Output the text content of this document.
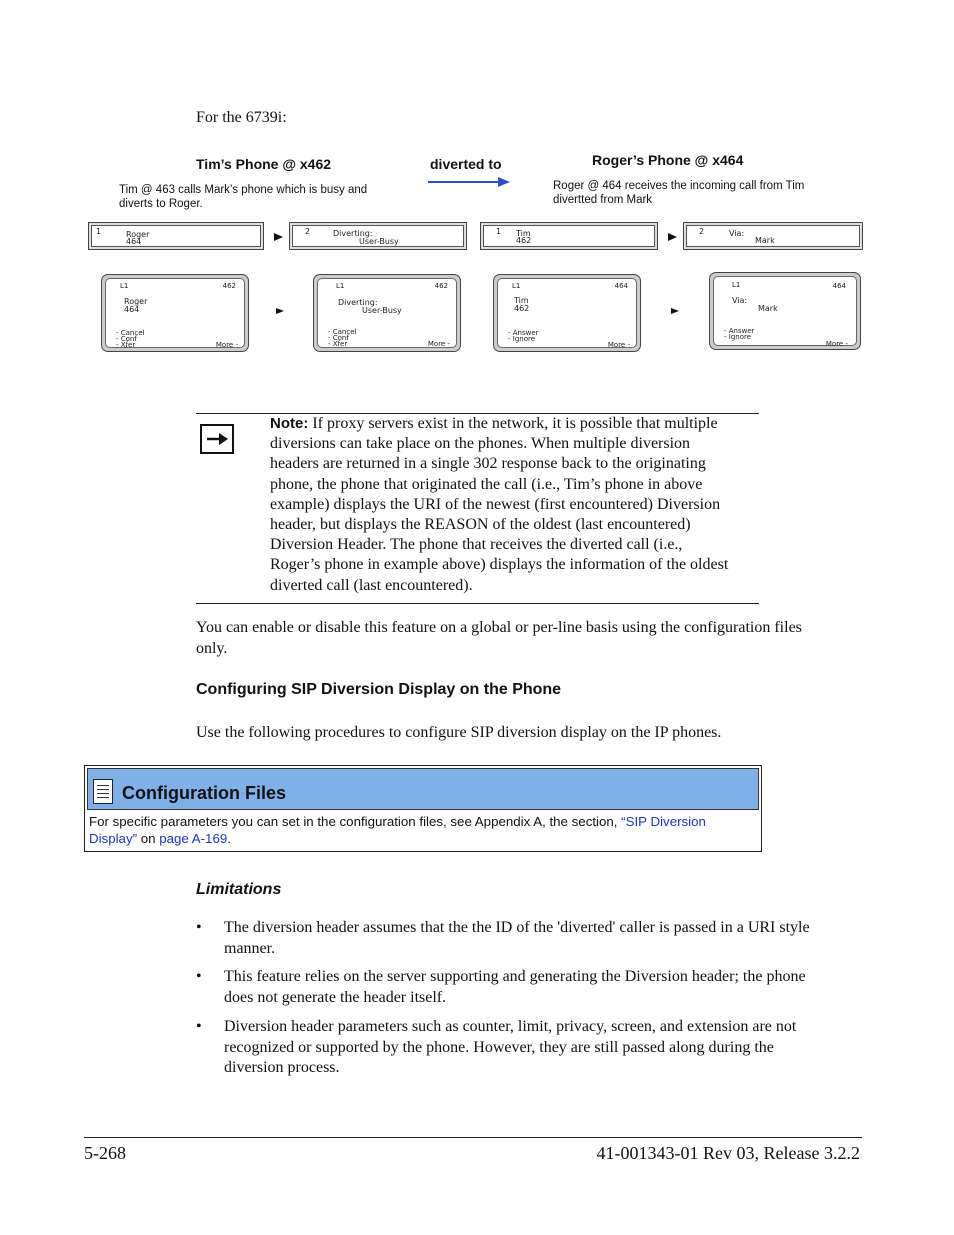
For the 6739i:
Tim’s Phone @ x462	diverted to	Roger’s Phone @ x464
Tim @ 463 calls Mark’s phone which is busy and diverts to Roger.
Roger @ 464 receives the incoming call from Tim divertted from Mark
1	Roger
464
2	Diverting:
User-Busy
1 Tim
462
2	Via:
Mark
L1	462
Roger
464
- Cancel
- Conf
- Xfer	More -
L1	462
Diverting:
User-Busy
- Cancel
- Conf
- Xfer	More -
L1	464
Tim
462
- Answer
- Ignore
More -
L1	464
Via:
Mark
- Answer
- Ignore
More -
Note: If proxy servers exist in the network, it is possible that multiple
diversions can take place on the phones. When multiple diversion
headers are returned in a single 302 response back to the originating
phone, the phone that originated the call (i.e., Tim’s phone in above
example) displays the URI of the newest (first encountered) Diversion
header, but displays the REASON of the oldest (last encountered)
Diversion Header. The phone that receives the diverted call (i.e.,
Roger’s phone in example above) displays the information of the oldest
diverted call (last encountered).
You can enable or disable this feature on a global or per-line basis using the configuration files
only.
Configuring SIP Diversion Display on the Phone
Use the following procedures to configure SIP diversion display on the IP phones.
Configuration Files
For specific parameters you can set in the configuration files, see Appendix A, the section, “SIP Diversion Display” on page A-169.
Limitations
• The diversion header assumes that the the ID of the 'diverted' caller is passed in a URI style
manner.
• This feature relies on the server supporting and generating the Diversion header; the phone
does not generate the header itself.
• Diversion header parameters such as counter, limit, privacy, screen, and extension are not
recognized or supported by the phone. However, they are still passed along during the
diversion process.
5-268	41-001343-01 Rev 03, Release 3.2.2
